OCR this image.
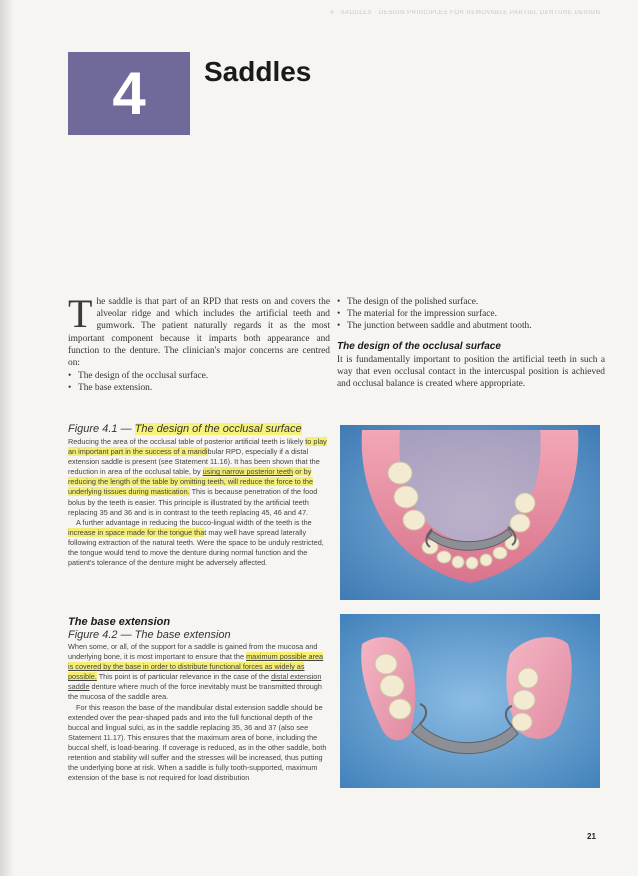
4 · SADDLES · DESIGN PRINCIPLES FOR REMOVABLE PARTIAL DENTURE DESIGN
4 Saddles
T he saddle is that part of an RPD that rests on and covers the alveolar ridge and which includes the artificial teeth and gumwork. The patient naturally regards it as the most important component because it imparts both appearance and function to the denture. The clinician's major concerns are centred on:
• The design of the occlusal surface.
• The base extension.
• The design of the polished surface.
• The material for the impression surface.
• The junction between saddle and abutment tooth.
The design of the occlusal surface

It is fundamentally important to position the artificial teeth in such a way that even occlusal contact in the intercuspal position is achieved and occlusal balance is created where appropriate.

Figure 4.1 — The design of the occlusal surface

Reducing the area of the occlusal table of posterior artificial teeth is likely to play an important part in the success of a mandibular RPD, especially if a distal extension saddle is present (see Statement 11.16). It has been shown that the reduction in area of the occlusal table, by using narrow posterior teeth or by reducing the length of the table by omitting teeth, will reduce the force to the underlying tissues during mastication. This is because penetration of the food bolus by the teeth is easier. This principle is illustrated by the artificial teeth replacing 35 and 36 and is in contrast to the teeth replacing 45, 46 and 47.

A further advantage in reducing the bucco-lingual width of the teeth is the increase in space made for the tongue that may well have spread laterally following extraction of the natural teeth. Were the space to be unduly restricted, the tongue would tend to move the denture during normal function and the patient's tolerance of the denture might be adversely affected.

The base extension
Figure 4.2 — The base extension

When some, or all, of the support for a saddle is gained from the mucosa and underlying bone, it is most important to ensure that the maximum possible area is covered by the base in order to distribute functional forces as widely as possible. This point is of particular relevance in the case of the distal extension saddle denture where much of the force inevitably must be transmitted through the mucosa of the saddle area.

For this reason the base of the mandibular distal extension saddle should be extended over the pear-shaped pads and into the full functional depth of the buccal and lingual sulci, as in the saddle replacing 35, 36 and 37 (also see Statement 11.17). This ensures that the maximum area of bone, including the buccal shelf, is load-bearing. If coverage is reduced, as in the other saddle, both retention and stability will suffer and the stresses will be increased, thus putting the underlying bone at risk. When a saddle is fully tooth-supported, maximum extension of the base is not required for load distribution

21
